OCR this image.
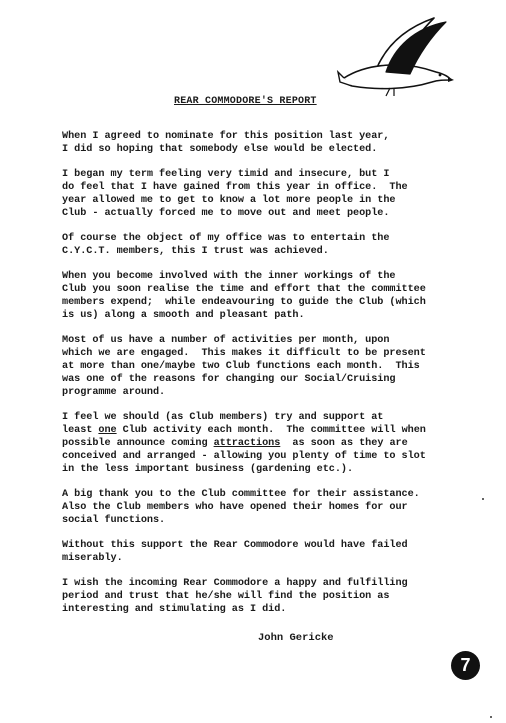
REAR COMMODORE'S REPORT
When I agreed to nominate for this position last year,
I did so hoping that somebody else would be elected.
I began my term feeling very timid and insecure, but I
do feel that I have gained from this year in office.  The
year allowed me to get to know a lot more people in the
Club - actually forced me to move out and meet people.
Of course the object of my office was to entertain the
C.Y.C.T. members, this I trust was achieved.
When you become involved with the inner workings of the
Club you soon realise the time and effort that the committee
members expend;  while endeavouring to guide the Club (which
is us) along a smooth and pleasant path.
Most of us have a number of activities per month, upon
which we are engaged.  This makes it difficult to be present
at more than one/maybe two Club functions each month.  This
was one of the reasons for changing our Social/Cruising
programme around.
I feel we should (as Club members) try and support at
least one Club activity each month.  The committee will when
possible announce coming attractions  as soon as they are
conceived and arranged - allowing you plenty of time to slot
in the less important business (gardening etc.).
A big thank you to the Club committee for their assistance.
Also the Club members who have opened their homes for our
social functions.
Without this support the Rear Commodore would have failed
miserably.
I wish the incoming Rear Commodore a happy and fulfilling
period and trust that he/she will find the position as
interesting and stimulating as I did.
John Gericke
7
